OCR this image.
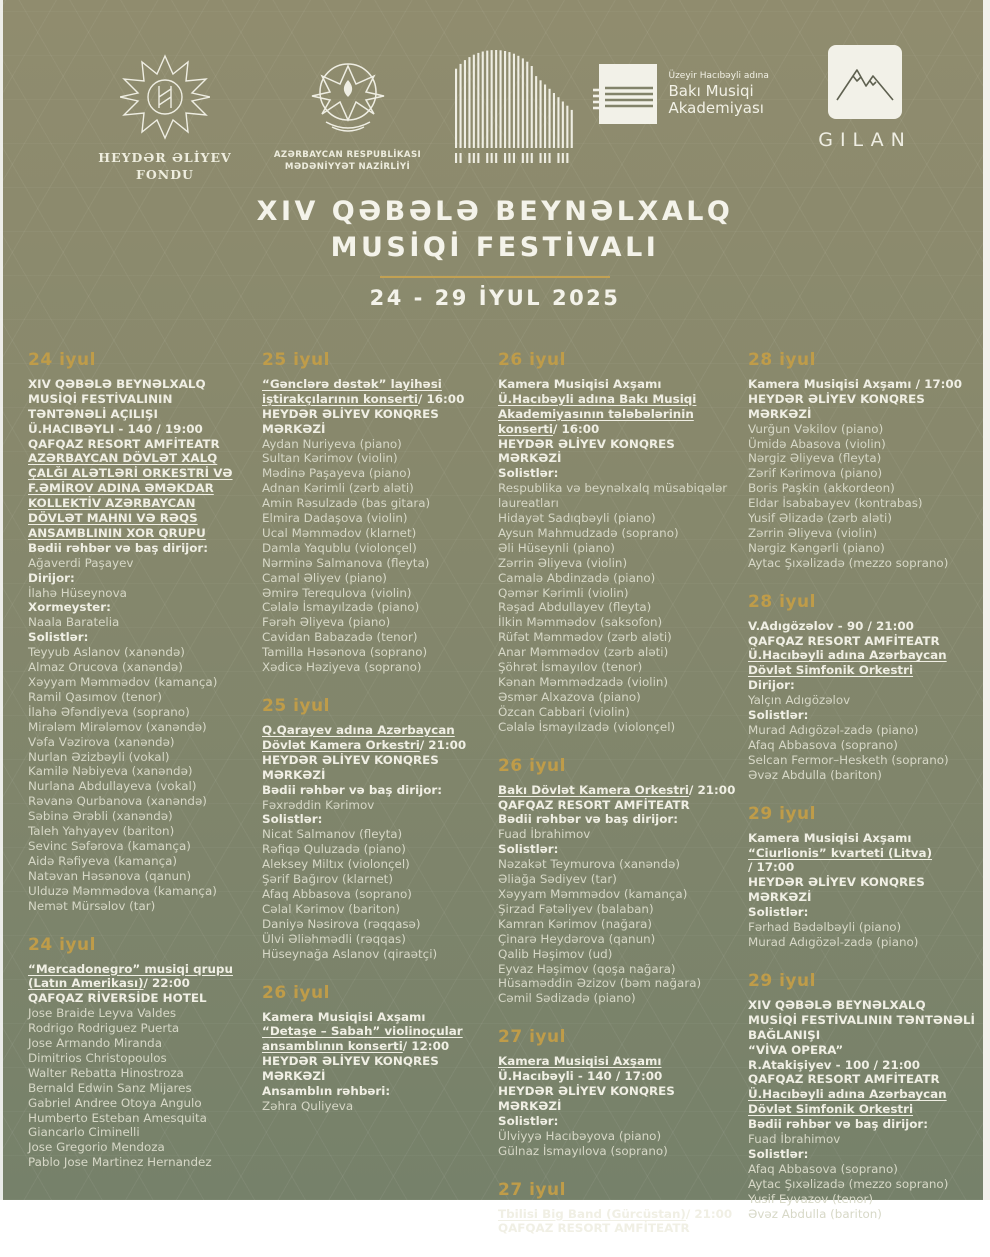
HEYDƏR ƏLİYEV
FONDU
AZƏRBAYCAN RESPUBLİKASI
MƏDƏNİYYƏT NAZİRLİYİ
Üzeyir Hacıbəyli adına
Bakı Musiqi
Akademiyası
GILAN
XIV QƏBƏLƏ BEYNƏLXALQ
MUSİQİ FESTİVALI
24 - 29 İYUL 2025
24 iyul

XIV QƏBƏLƏ BEYNƏLXALQ MUSİQİ FESTİVALININ TƏNTƏNƏLİ AÇILIŞI

Ü.HACIBƏYLI - 140 / 19:00

QAFQAZ RESORT AMFİTEATR

AZƏRBAYCAN DÖVLƏT XALQ ÇALĞI ALƏTLƏRİ ORKESTRİ VƏ F.ƏMİROV ADINA ƏMƏKDAR KOLLEKTİV AZƏRBAYCAN DÖVLƏT MAHNI VƏ RƏQS ANSAMBLININ XOR QRUPU

Bədii rəhbər və baş dirijor:

Ağaverdi Paşayev

Dirijor:

İlahə Hüseynova

Xormeyster:

Naala Baratelia

Solistlər:

Teyyub Aslanov (xanəndə)

Almaz Orucova (xanəndə)

Xəyyam Məmmədov (kamança)

Ramil Qasımov (tenor)

İlahə Əfəndiyeva (soprano)

Mirələm Mirələmov (xanəndə)

Vəfa Vəzirova (xanəndə)

Nurlan Əzizbəyli (vokal)

Kamilə Nəbiyeva (xanəndə)

Nurlana Abdullayeva (vokal)

Rəvanə Qurbanova (xanəndə)

Səbinə Ərəbli (xanəndə)

Taleh Yahyayev (bariton)

Sevinc Səfərova (kamança)

Aidə Rəfiyeva (kamança)

Natəvan Həsənova (qanun)

Ulduzə Məmmədova (kamança)

Nemət Mürsəlov (tar)

24 iyul

“Mercadonegro” musiqi qrupu (Latın Amerikası)/ 22:00

QAFQAZ RİVERSİDE HOTEL

Jose Braide Leyva Valdes

Rodrigo Rodriguez Puerta

Jose Armando Miranda

Dimitrios Christopoulos

Walter Rebatta Hinostroza

Bernald Edwin Sanz Mijares

Gabriel Andree Otoya Angulo

Humberto Esteban Amesquita

Giancarlo Ciminelli

Jose Gregorio Mendoza

Pablo Jose Martinez Hernandez

25 iyul

“Gənclərə dəstək” layihəsi iştirakçılarının konserti/ 16:00

HEYDƏR ƏLİYEV KONQRES MƏRKƏZİ

Aydan Nuriyeva (piano)

Sultan Kərimov (violin)

Mədinə Paşayeva (piano)

Adnan Kərimli (zərb aləti)

Amin Rəsulzadə (bas gitara)

Elmira Dadaşova (violin)

Ucal Məmmədov (klarnet)

Damla Yaqublu (violonçel)

Nərminə Salmanova (fleyta)

Camal Əliyev (piano)

Əmirə Terequlova (violin)

Cəlalə İsmayılzadə (piano)

Fərəh Əliyeva (piano)

Cavidan Babazadə (tenor)

Tamilla Həsənova (soprano)

Xədicə Həziyeva (soprano)

25 iyul

Q.Qarayev adına Azərbaycan Dövlət Kamera Orkestri/ 21:00

HEYDƏR ƏLİYEV KONQRES MƏRKƏZİ

Bədii rəhbər və baş dirijor:

Fəxrəddin Kərimov

Solistlər:

Nicat Salmanov (fleyta)

Rəfiqə Quluzadə (piano)

Aleksey Miltıx (violonçel)

Şərif Bağırov (klarnet)

Afaq Abbasova (soprano)

Cəlal Kərimov (bariton)

Daniyə Nəsirova (rəqqasə)

Ülvi Əliəhmədli (rəqqas)

Hüseynağa Aslanov (qiraətçi)

26 iyul

Kamera Musiqisi Axşamı

“Detaşe – Sabah” violinoçular ansamblının konserti/ 12:00

HEYDƏR ƏLİYEV KONQRES MƏRKƏZİ

Ansamblın rəhbəri:

Zəhra Quliyeva

26 iyul

Kamera Musiqisi Axşamı

Ü.Hacıbəyli adına Bakı Musiqi Akademiyasının tələbələrinin konserti/ 16:00

HEYDƏR ƏLİYEV KONQRES MƏRKƏZİ

Solistlər:

Respublika və beynəlxalq müsabiqələr laureatları

Hidayət Sadıqbəyli (piano)

Aysun Mahmudzadə (soprano)

Əli Hüseynli (piano)

Zərrin Əliyeva (violin)

Camalə Abdinzadə (piano)

Qəmər Kərimli (violin)

Rəşad Abdullayev (fleyta)

İlkin Məmmədov (saksofon)

Rüfət Məmmədov (zərb aləti)

Anar Məmmədov (zərb aləti)

Şöhrət İsmayılov (tenor)

Kənan Məmmədzadə (violin)

Əsmər Alxazova (piano)

Özcan Cabbari (violin)

Cəlalə İsmayılzadə (violonçel)

26 iyul

Bakı Dövlət Kamera Orkestri/ 21:00

QAFQAZ RESORT AMFİTEATR

Bədii rəhbər və baş dirijor:

Fuad İbrahimov

Solistlər:

Nəzakət Teymurova (xanəndə)

Əliağa Sədiyev (tar)

Xəyyam Məmmədov (kamança)

Şirzad Fətəliyev (balaban)

Kamran Kərimov (nağara)

Çinarə Heydərova (qanun)

Qalib Həşimov (ud)

Eyvaz Həşimov (qoşa nağara)

Hüsaməddin Əzizov (bəm nağara)

Cəmil Sədizadə (piano)

27 iyul

Kamera Musiqisi Axşamı

Ü.Hacıbəyli - 140 / 17:00

HEYDƏR ƏLİYEV KONQRES MƏRKƏZİ

Solistlər:

Ülviyyə Hacıbəyova (piano)

Gülnaz İsmayılova (soprano)

27 iyul

Tbilisi Big Band (Gürcüstan)/ 21:00

QAFQAZ RESORT AMFİTEATR

28 iyul

Kamera Musiqisi Axşamı / 17:00

HEYDƏR ƏLİYEV KONQRES MƏRKƏZİ

Vurğun Vəkilov (piano)

Ümidə Abasova (violin)

Nərgiz Əliyeva (fleyta)

Zərif Kərimova (piano)

Boris Paşkin (akkordeon)

Eldar İsababayev (kontrabas)

Yusif Əlizadə (zərb aləti)

Zərrin Əliyeva (violin)

Nərgiz Kəngərli (piano)

Aytac Şıxəlizadə (mezzo soprano)

28 iyul

V.Adıgözəlov - 90 / 21:00

QAFQAZ RESORT AMFİTEATR

Ü.Hacıbəyli adına Azərbaycan Dövlət Simfonik Orkestri

Dirijor:

Yalçın Adıgözəlov

Solistlər:

Murad Adıgözəl-zadə (piano)

Afaq Abbasova (soprano)

Selcan Fermor–Hesketh (soprano)

Əvəz Abdulla (bariton)

29 iyul

Kamera Musiqisi Axşamı

“Ciurlionis” kvarteti (Litva)/ 17:00

HEYDƏR ƏLİYEV KONQRES MƏRKƏZİ

Solistlər:

Fərhad Bədəlbəyli (piano)

Murad Adıgözəl-zadə (piano)

29 iyul

XIV QƏBƏLƏ BEYNƏLXALQ MUSİQİ FESTİVALININ TƏNTƏNƏLİ BAĞLANIŞI

“VİVA OPERA”

R.Atakişiyev - 100 / 21:00

QAFQAZ RESORT AMFİTEATR

Ü.Hacıbəyli adına Azərbaycan Dövlət Simfonik Orkestri

Bədii rəhbər və baş dirijor:

Fuad İbrahimov

Solistlər:

Afaq Abbasova (soprano)

Aytac Şıxəlizadə (mezzo soprano)

Yusif Eyvazov (tenor)

Əvəz Abdulla (bariton)
